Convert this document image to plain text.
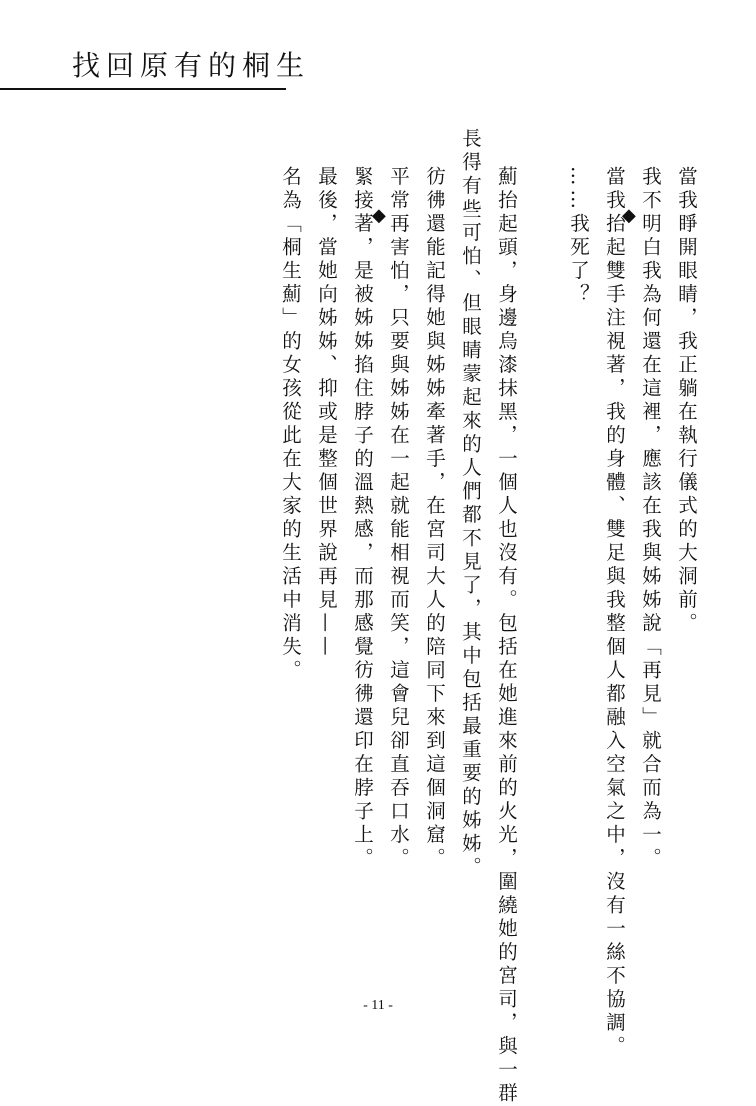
找回原有的桐生
◆
◆	當我睜開眼睛，我正躺在執行儀式的大洞前。

我不明白我為何還在這裡，應該在我與姊姊說「再見」就合而為一。

當我抬起雙手注視著，我的身體、雙足與我整個人都融入空氣之中，沒有一絲不協調。

……我死了？

薊抬起頭，身邊烏漆抹黑，一個人也沒有。包括在她進來前的火光，圍繞她的宮司，與一群

長得有些可怕、但眼睛蒙起來的人們都不見了，其中包括最重要的姊姊。

彷彿還能記得她與姊姊牽著手，在宮司大人的陪同下來到這個洞窟。

平常再害怕，只要與姊姊在一起就能相視而笑，這會兒卻直吞口水。

緊接著，是被姊姊掐住脖子的溫熱感，而那感覺彷彿還印在脖子上。

最後，當她向姊姊、抑或是整個世界說再見——

名為「桐生薊」的女孩從此在大家的生活中消失。

- 11 -
